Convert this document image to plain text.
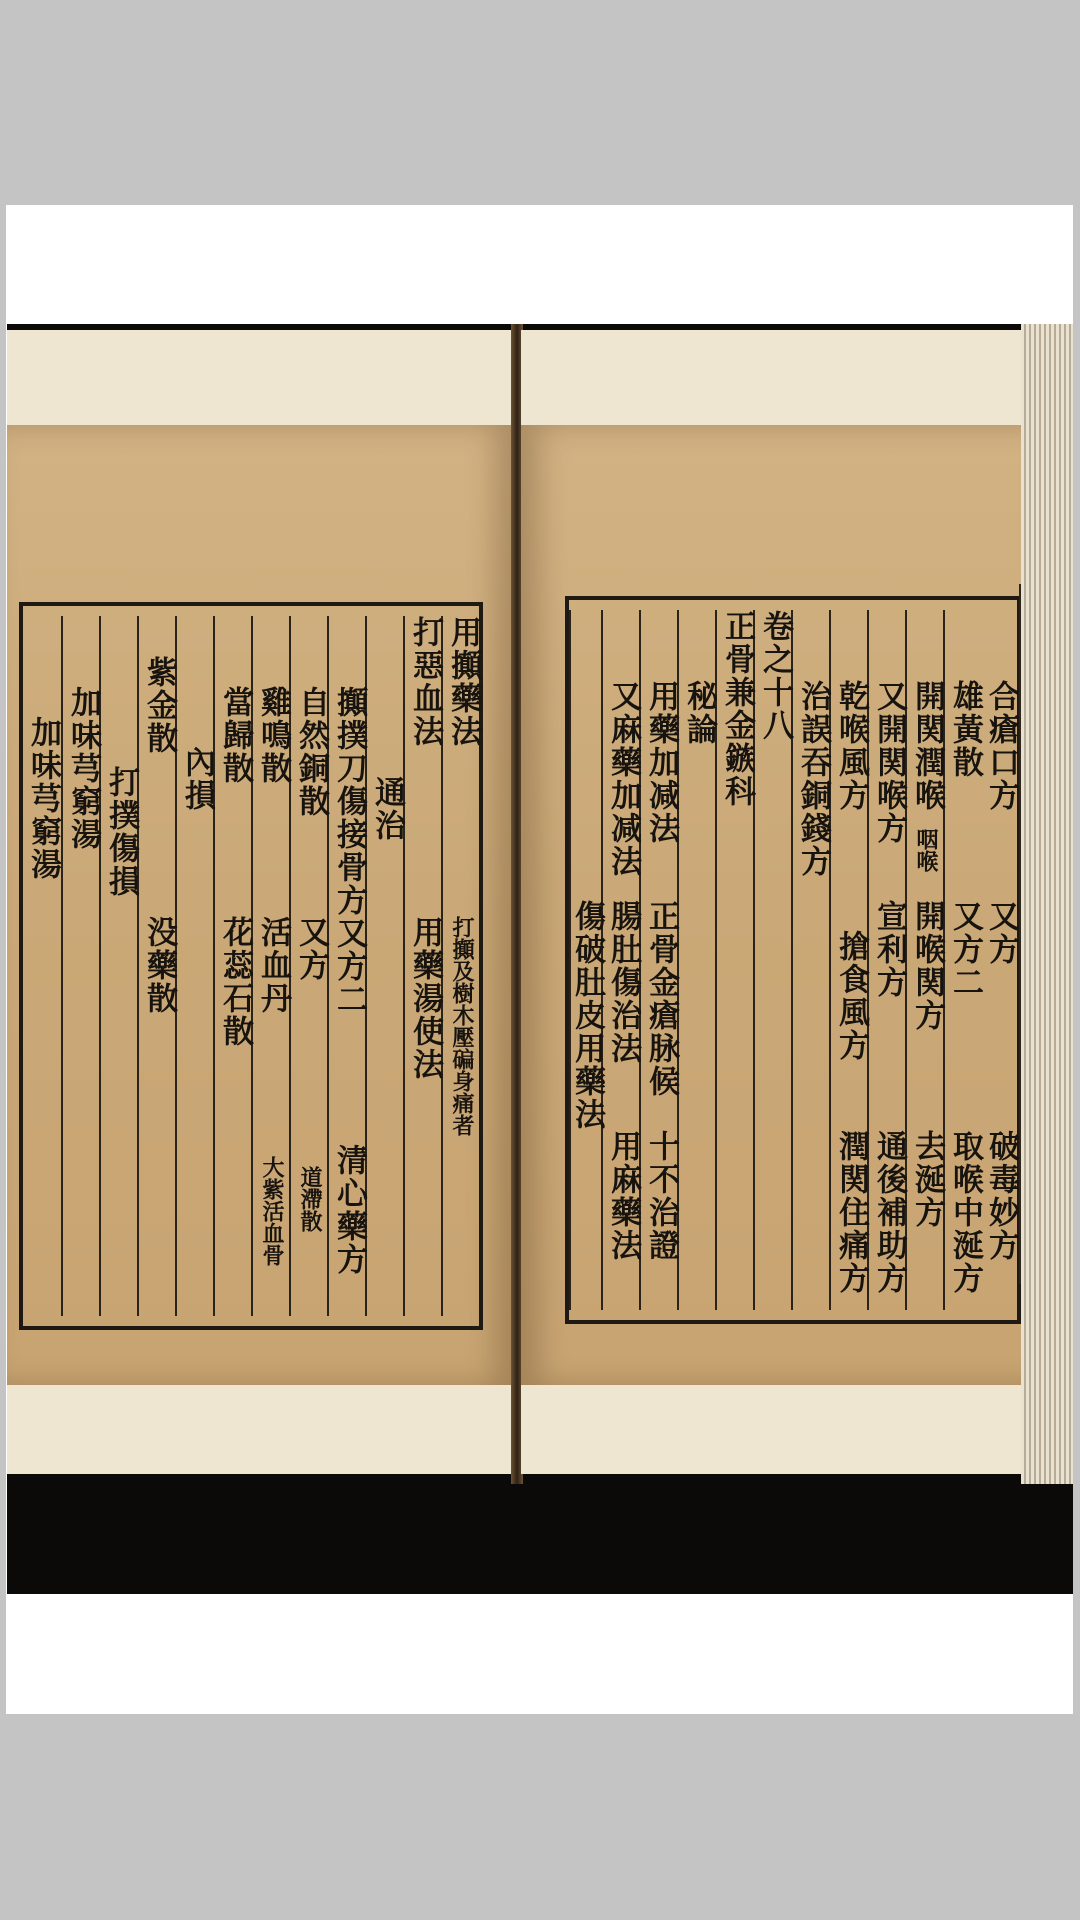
用攧藥法
打攧及樹木壓碥身痛者
打惡血法
用藥湯使法
通治
攧撲刀傷接骨方又方二
清心藥方
自然銅散
又方
道滯散
雞鳴散
活血丹
大紫活血骨
當歸散
花蕊石散
內損
紫金散
没藥散
打撲傷損
加味芎窮湯
加味芎窮湯	合瘡口方
又方
破毒妙方
雄黃散
又方二
取喉中涎方
開関潤喉
咽喉
開喉関方
去涎方
又開関喉方
宣利方
通後補助方
乾喉風方
搶食風方
潤関住痛方
治誤吞銅錢方
卷之十八
正骨兼金鏃科
秘論
用藥加减法
正骨金瘡脉候
十不治證
又麻藥加减法
腸肚傷治法
用麻藥法
傷破肚皮用藥法
